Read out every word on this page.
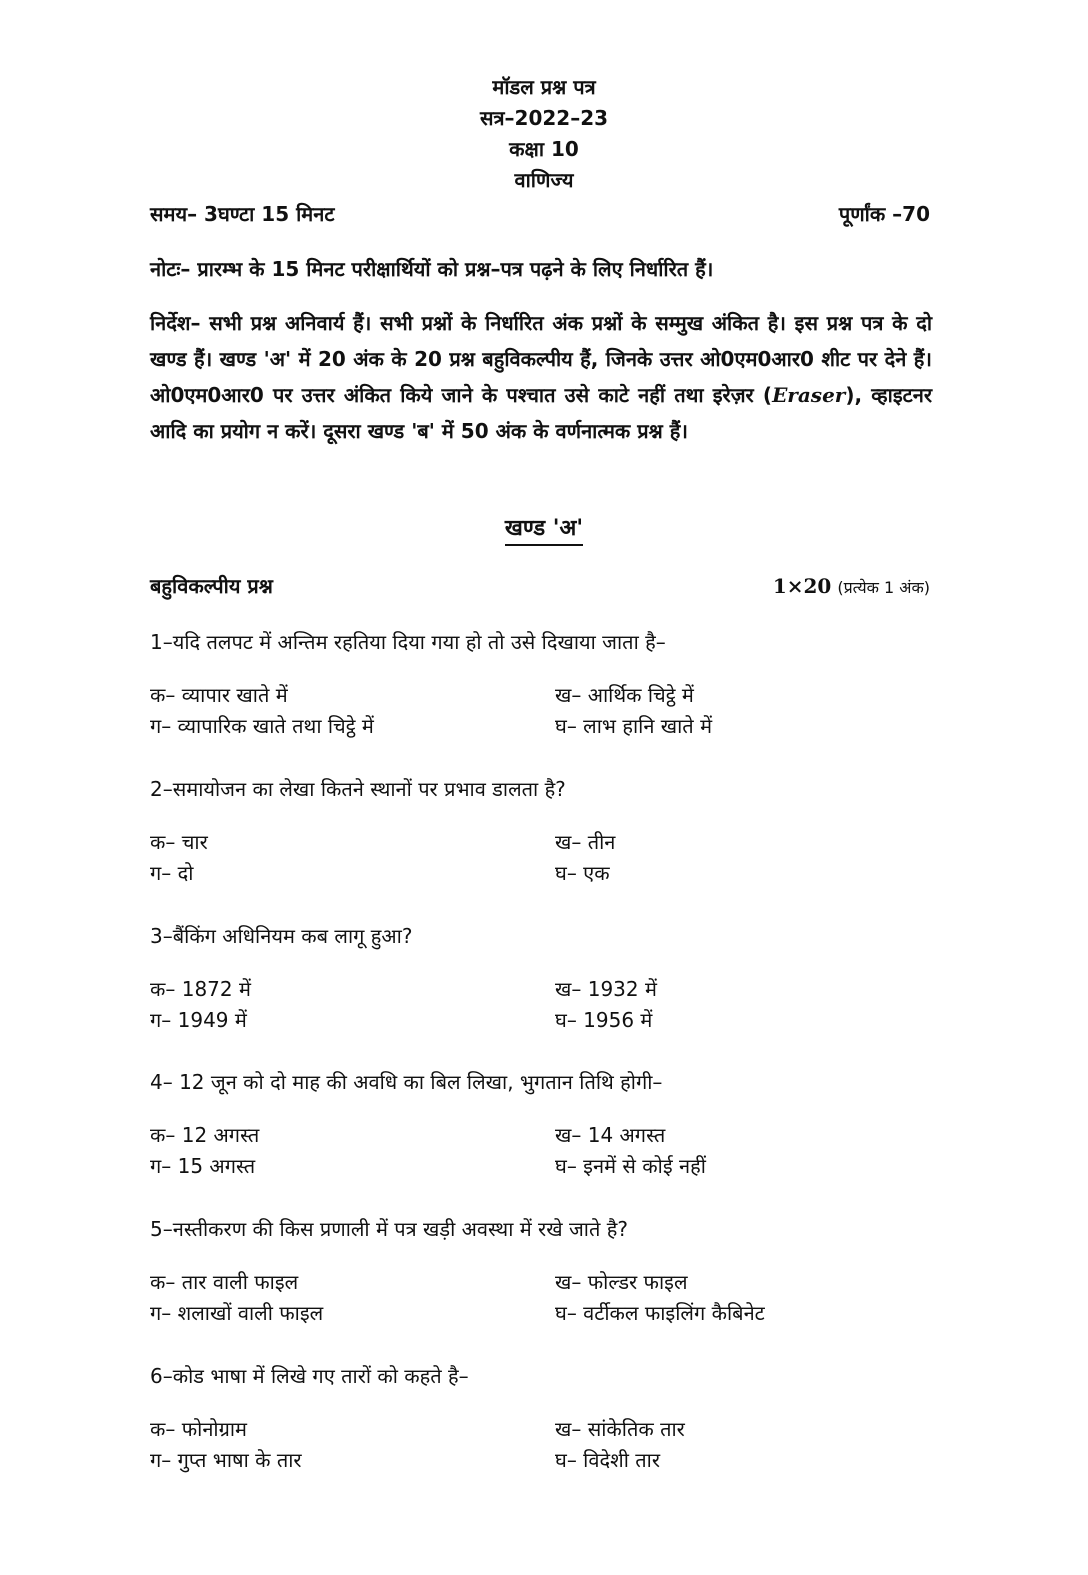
मॉडल प्रश्न पत्र
सत्र–2022–23
कक्षा 10
वाणिज्य
समय– 3घण्टा 15 मिनट	पूर्णांक –70
नोटः– प्रारम्भ के 15 मिनट परीक्षार्थियों को प्रश्न–पत्र पढ़ने के लिए निर्धारित हैं।
निर्देश– सभी प्रश्न अनिवार्य हैं। सभी प्रश्नों के निर्धारित अंक प्रश्नों के सम्मुख अंकित है। इस प्रश्न पत्र के दो खण्ड हैं। खण्ड 'अ' में 20 अंक के 20 प्रश्न बहुविकल्पीय हैं, जिनके उत्तर ओ0एम0आर0 शीट पर देने हैं। ओ0एम0आर0 पर उत्तर अंकित किये जाने के पश्चात उसे काटे नहीं तथा इरेज़र (Eraser), व्हाइटनर आदि का प्रयोग न करें। दूसरा खण्ड 'ब' में 50 अंक के वर्णनात्मक प्रश्न हैं।
खण्ड 'अ'
बहुविकल्पीय प्रश्न	1×20 (प्रत्येक 1 अंक)
1–यदि तलपट में अन्तिम रहतिया दिया गया हो तो उसे दिखाया जाता है–
क– व्यापार खाते में	ख– आर्थिक चिट्ठे में
ग– व्यापारिक खाते तथा चिट्ठे में	घ– लाभ हानि खाते में
2–समायोजन का लेखा कितने स्थानों पर प्रभाव डालता है?
क– चार	ख– तीन
ग– दो	घ– एक
3–बैंकिंग अधिनियम कब लागू हुआ?
क– 1872 में	ख– 1932 में
ग– 1949 में	घ– 1956 में
4– 12 जून को दो माह की अवधि का बिल लिखा, भुगतान तिथि होगी–
क– 12 अगस्त	ख– 14 अगस्त
ग– 15 अगस्त	घ– इनमें से कोई नहीं
5–नस्तीकरण की किस प्रणाली में पत्र खड़ी अवस्था में रखे जाते है?
क– तार वाली फाइल	ख– फोल्डर फाइल
ग– शलाखों वाली फाइल	घ– वर्टीकल फाइलिंग कैबिनेट
6–कोड भाषा में लिखे गए तारों को कहते है–
क– फोनोग्राम	ख– सांकेतिक तार
ग– गुप्त भाषा के तार	घ– विदेशी तार
